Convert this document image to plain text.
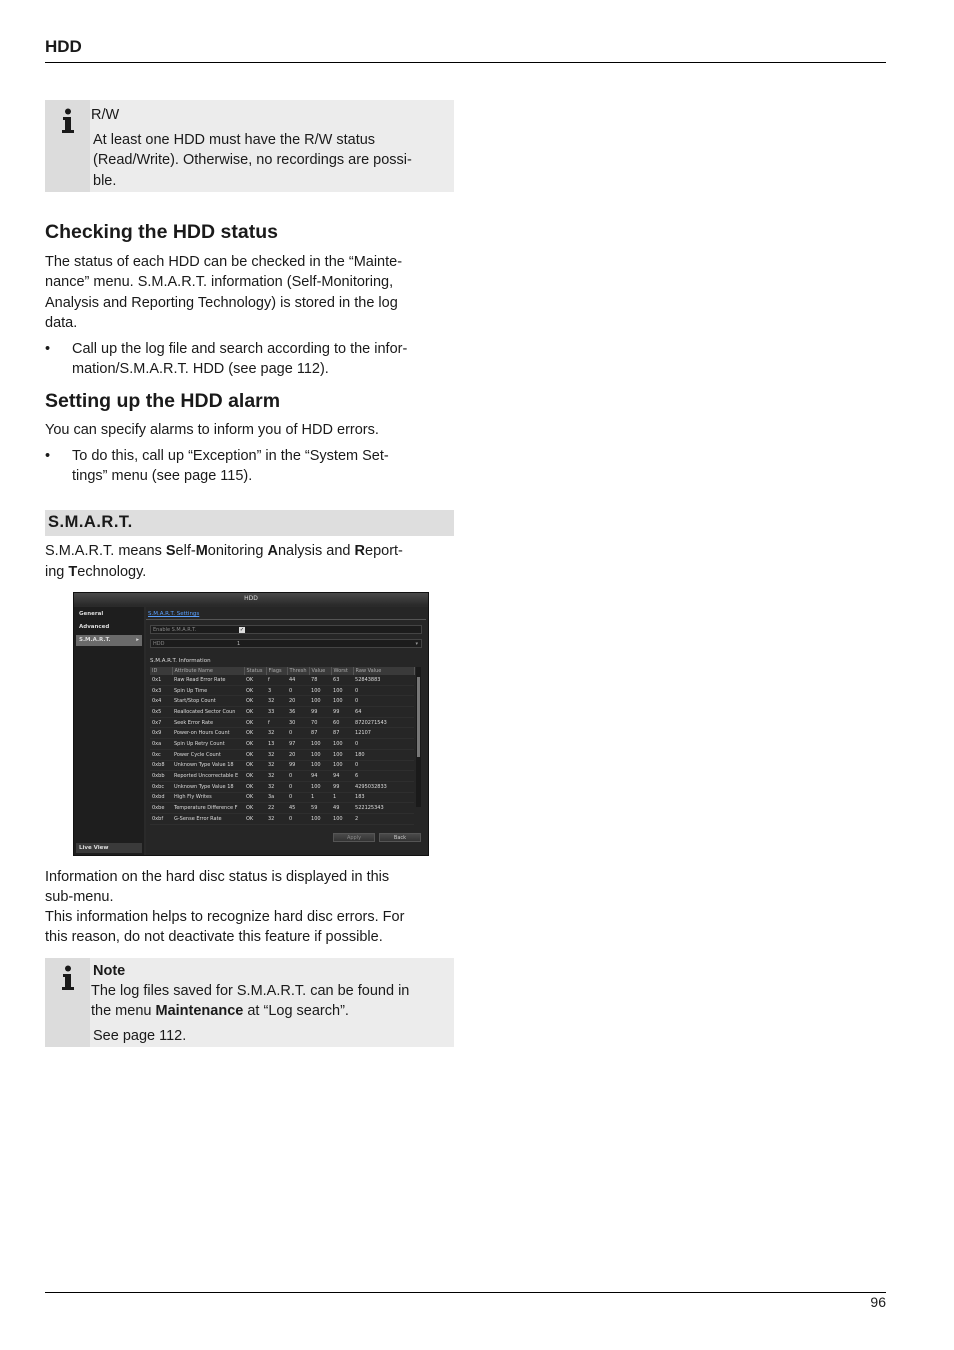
HDD
R/W
At least one HDD must have the R/W status
(Read/Write). Otherwise, no recordings are possi-
ble.
Checking the HDD status
The status of each HDD can be checked in the “Mainte-
nance” menu. S.M.A.R.T. information (Self-Monitoring,
Analysis and Reporting Technology) is stored in the log
data.
• Call up the log file and search according to the infor-
mation/S.M.A.R.T. HDD (see page 112).
Setting up the HDD alarm
You can specify alarms to inform you of HDD errors.
• To do this, call up “Exception” in the “System Set-
tings” menu (see page 115).
S.M.A.R.T.
S.M.A.R.T. means Self-Monitoring Analysis and Report-
ing Technology.
HDD
General
Advanced
S.M.A.R.T.	▸
Live View
S.M.A.R.T. Settings
Enable S.M.A.R.T.	✓
HDD	1	▾
S.M.A.R.T. Information
ID	Attribute Name	Status	Flags	Thresh	Value	Worst	Raw Value
0x1	Raw Read Error Rate	OK	f	44	78	63	52843883
0x3	Spin Up Time	OK	3	0	100	100	0
0x4	Start/Stop Count	OK	32	20	100	100	0
0x5	Reallocated Sector Coun	OK	33	36	99	99	64
0x7	Seek Error Rate	OK	f	30	70	60	8720271543
0x9	Power-on Hours Count	OK	32	0	87	87	12107
0xa	Spin Up Retry Count	OK	13	97	100	100	0
0xc	Power Cycle Count	OK	32	20	100	100	180
0xb8	Unknown Type Value 18	OK	32	99	100	100	0
0xbb	Reported Uncorrectable E	OK	32	0	94	94	6
0xbc	Unknown Type Value 18	OK	32	0	100	99	4295032833
0xbd	High Fly Writes	OK	3a	0	1	1	183
0xbe	Temperature Difference F	OK	22	45	59	49	522125343
0xbf	G-Sense Error Rate	OK	32	0	100	100	2
Apply	Back
Information on the hard disc status is displayed in this
sub-menu.
This information helps to recognize hard disc errors. For
this reason, do not deactivate this feature if possible.
Note
The log files saved for S.M.A.R.T. can be found in
the menu Maintenance at “Log search”.
See page 112.
96
